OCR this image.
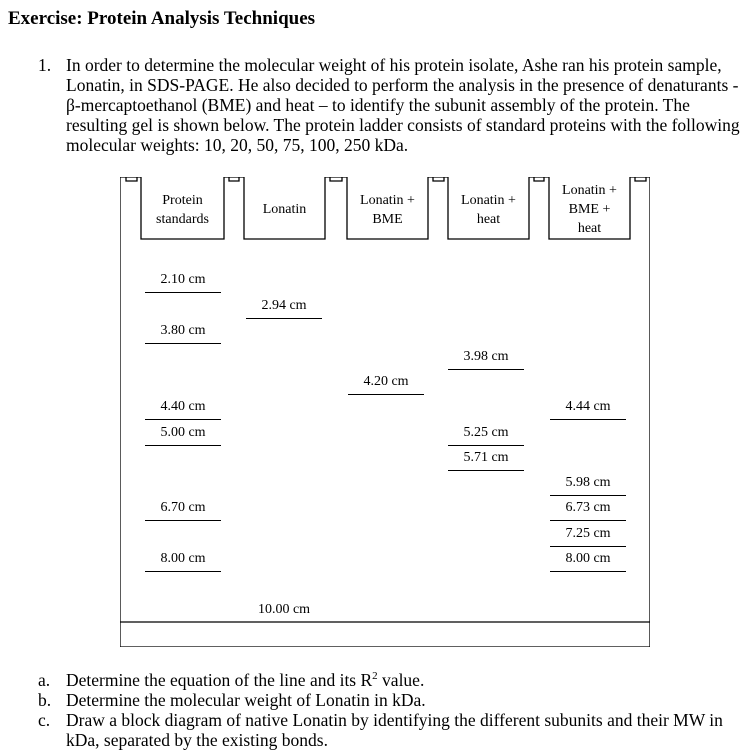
Exercise: Protein Analysis Techniques
1. In order to determine the molecular weight of his protein isolate, Ashe ran his protein sample,
Lonatin, in SDS-PAGE. He also decided to perform the analysis in the presence of denaturants -
β-mercaptoethanol (BME) and heat – to identify the subunit assembly of the protein. The
resulting gel is shown below. The protein ladder consists of standard proteins with the following
molecular weights: 10, 20, 50, 75, 100, 250 kDa.
Protein
standards
Lonatin
Lonatin +
BME
Lonatin +
heat
Lonatin +
BME +
heat
2.10 cm
3.80 cm
4.40 cm
5.00 cm
6.70 cm
8.00 cm
2.94 cm
10.00 cm
4.20 cm
3.98 cm
5.25 cm
5.71 cm
4.44 cm
5.98 cm
6.73 cm
7.25 cm
8.00 cm
a. Determine the equation of the line and its $R^2$ value.
b. Determine the molecular weight of Lonatin in kDa.
c. Draw a block diagram of native Lonatin by identifying the different subunits and their MW in
kDa, separated by the existing bonds.
